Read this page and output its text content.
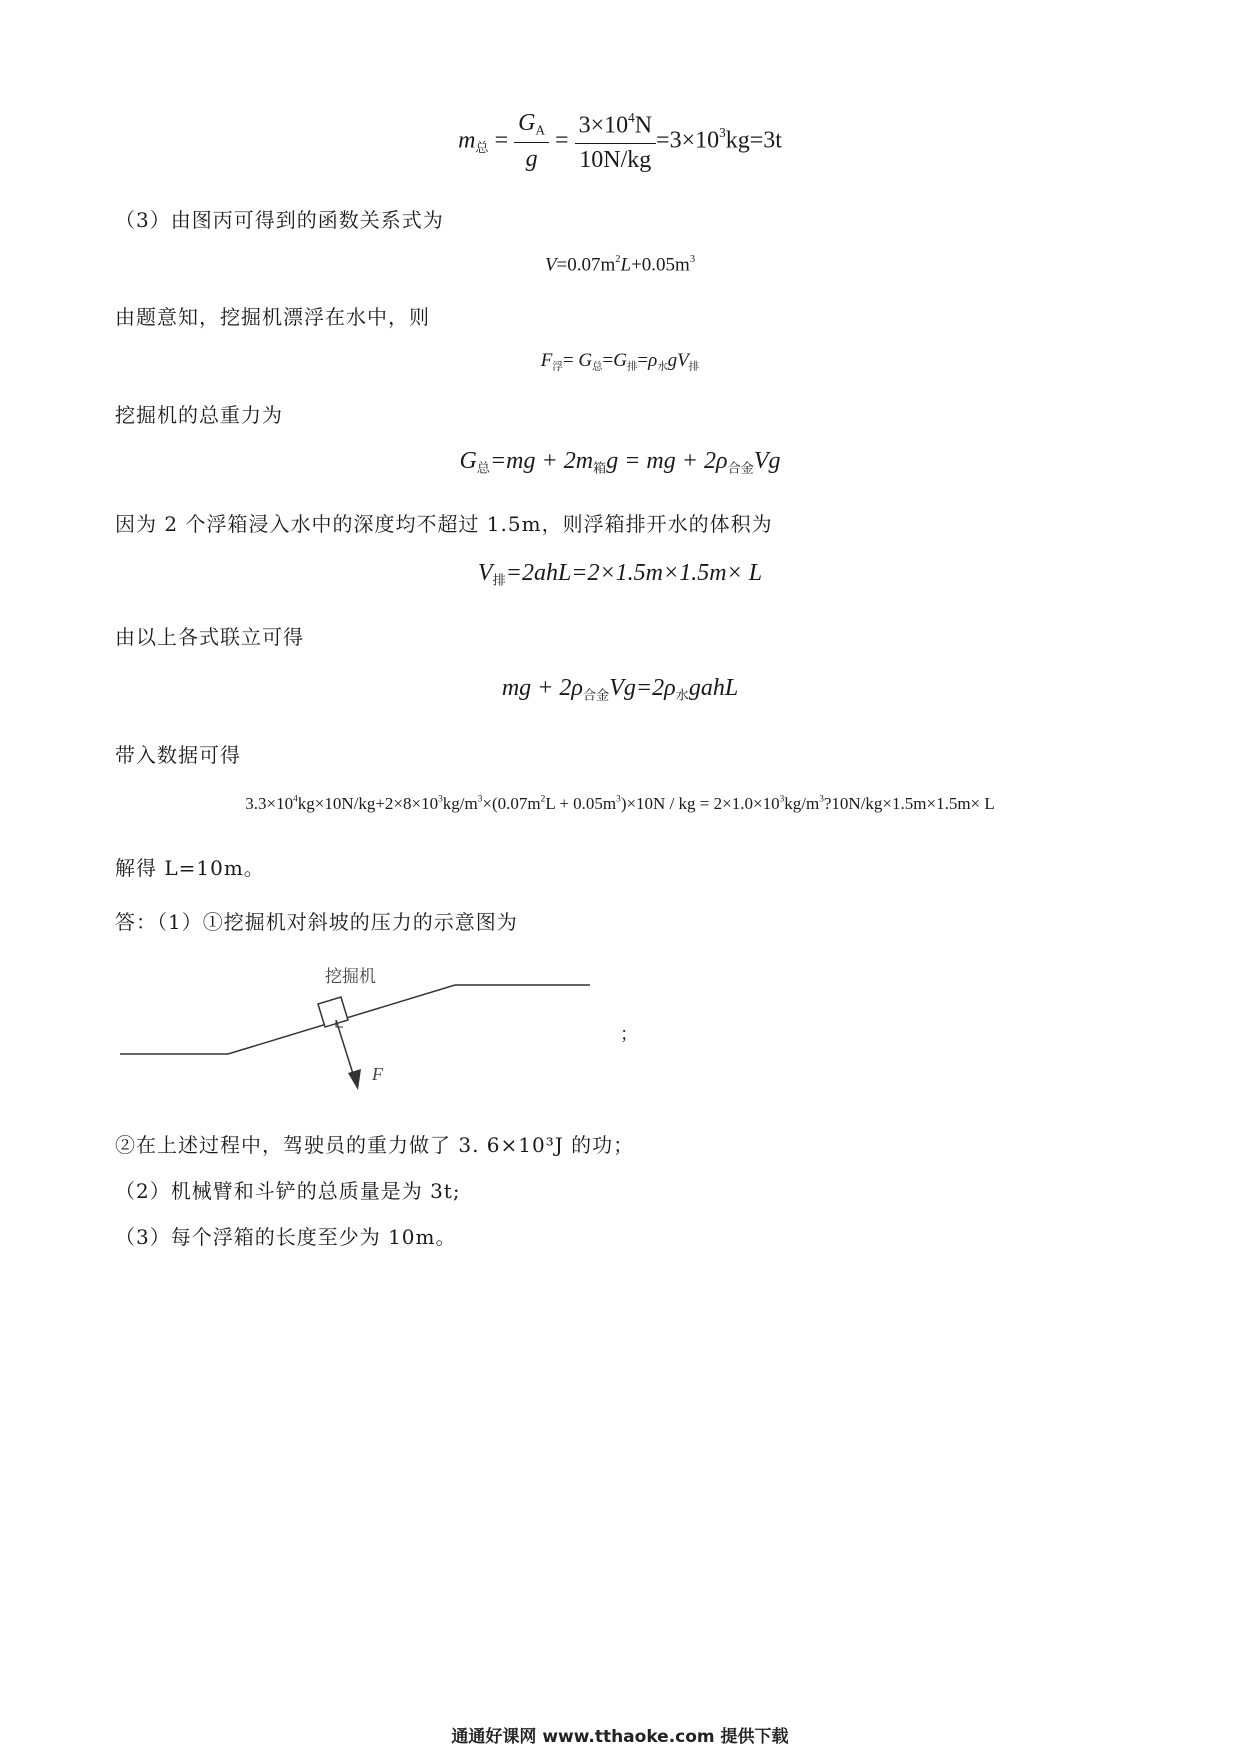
$m_总 = \frac{G_A}{g} = \frac{3\times 10^4N}{10N/kg} =3\times 10^3kg=3t$
（3）由图丙可得到的函数关系式为
$V=0.07m^2L+0.05m^3$
由题意知，挖掘机漂浮在水中，则
$F_浮= G_总=G_排=\rho_水gV_排$
挖掘机的总重力为
$G_总=mg + 2m_箱g$ = mg + $2\rho_{合金}Vg$
因为 2 个浮箱浸入水中的深度均不超过 1.5m，则浮箱排开水的体积为
$V_排=2ahL=2\times 1.5m\times 1.5m\times L$
由以上各式联立可得
mg + $2\rho_{合金}Vg=2\rho_水gahL$
带入数据可得
$3.3\times 10^4kg\times 10N/kg+2\times 8\times 10^3kg/m^3\times(0.07m^2L + 0.05m^3)\times 10N$ / kg = $2\times 1.0\times 10^3kg/m^3?10N/kg\times 1.5m\times 1.5m\times L$
解得 L=10m。
答：（1）①挖掘机对斜坡的压力的示意图为
挖掘机
F
；
②在上述过程中，驾驶员的重力做了 3. 6×10³J 的功；
（2）机械臂和斗铲的总质量是为 3t;
（3）每个浮箱的长度至少为 10m。
通通好课网 www.tthaoke.com 提供下载
